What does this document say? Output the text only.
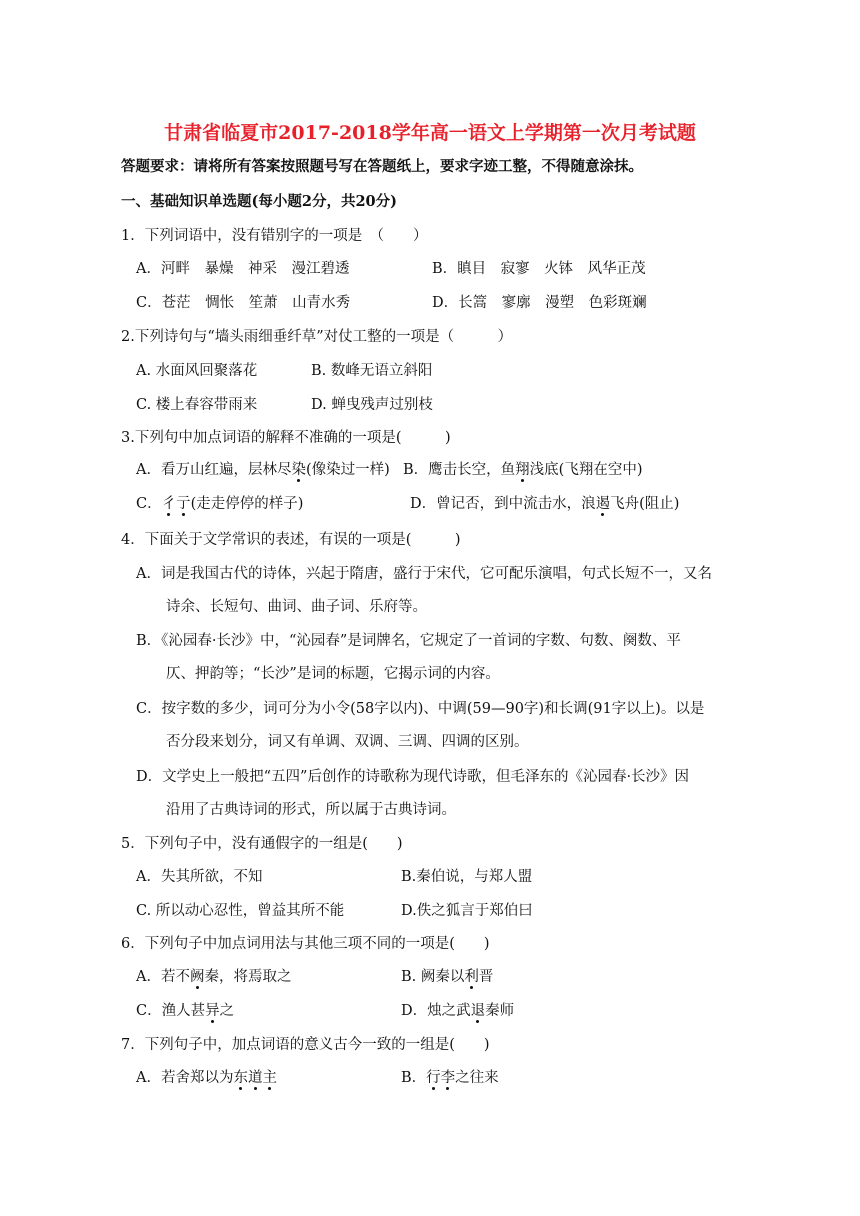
甘肃省临夏市2017-2018学年高一语文上学期第一次月考试题
答题要求：请将所有答案按照题号写在答题纸上，要求字迹工整，不得随意涂抹。
一、基础知识单选题(每小题2分，共20分)
1．下列词语中，没有错别字的一项是　（　　）
A．河畔　暴燥　神采　漫江碧透	B．瞋目　寂寥　火钵　风华正茂
C．苍茫　惆怅　笙萧　山青水秀	D．长篙　寥廓　漫塑　色彩斑斓
2.下列诗句与“墙头雨细垂纤草”对仗工整的一项是（　　　）
A. 水面风回聚落花	B. 数峰无语立斜阳
C. 楼上春容带雨来	D. 蝉曳残声过别枝
3.下列句中加点词语的解释不准确的一项是(　　　)
A．看万山红遍，层林尽染(像染过一样) B．鹰击长空，鱼翔浅底(飞翔在空中)
C．彳亍(走走停停的样子)	D．曾记否，到中流击水，浪遏飞舟(阻止)
4．下面关于文学常识的表述，有误的一项是(　　　)
A．词是我国古代的诗体，兴起于隋唐，盛行于宋代，它可配乐演唱，句式长短不一，又名
诗余、长短句、曲词、曲子词、乐府等。
B．《沁园春·长沙》中，“沁园春”是词牌名，它规定了一首词的字数、句数、阕数、平
仄、押韵等；“长沙”是词的标题，它揭示词的内容。
C．按字数的多少，词可分为小令(58字以内)、中调(59—90字)和长调(91字以上)。以是
否分段来划分，词又有单调、双调、三调、四调的区别。
D．文学史上一般把“五四”后创作的诗歌称为现代诗歌，但毛泽东的《沁园春·长沙》因
沿用了古典诗词的形式，所以属于古典诗词。
5．下列句子中，没有通假字的一组是(　　)
A．失其所欲，不知	B.秦伯说，与郑人盟
C. 所以动心忍性，曾益其所不能	D.佚之狐言于郑伯曰
6．下列句子中加点词用法与其他三项不同的一项是(　　)
A．若不阙秦，将焉取之	B. 阙秦以利晋
C．渔人甚异之	D．烛之武退秦师
7．下列句子中，加点词语的意义古今一致的一组是(　　)
A．若舍郑以为东道主	B．行李之往来
